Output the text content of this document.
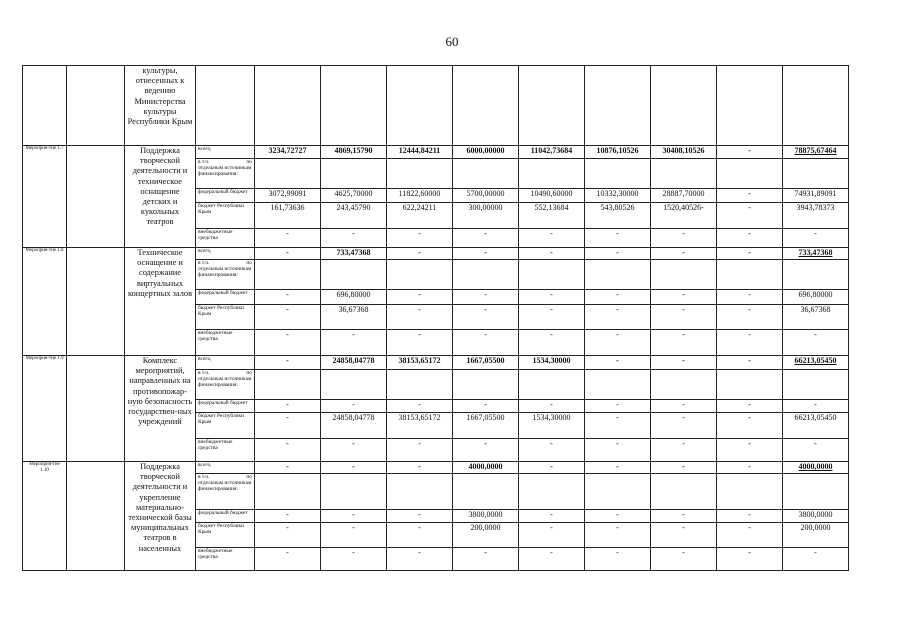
60
		культуры, отнесенных к ведению Министерства культуры Республики Крым										
Мероприя-тие 1.7		Поддержка творческой деятельности и техническое оснащение детских и кукольных театров	всего,	3234,72727	4869,15790	12444,84211	6000,00000	11042,73684	10876,10526	30408,10526	-	78875,67464

			в т.ч. по
отдельным источникам финансирования:									

			федеральный бюджет	3072,99091	4625,70000	11822,60000	5700,00000	10490,60000	10332,30000	28887,70000	-	74931,89091
			бюджет Республики Крым	161,73636	243,45790	622,24211	300,00000	552,13684	543,80526	1520,40526-	-	3943,78373
			внебюджетные средства	-	-	-	-	-	-	-	-	-
Мероприя-тие 1.8		Техническое оснащение и содержание виртуальных концертных залов	всего,	-	733,47368	-	-	-	-	-	-	733,47368

			в т.ч. по
отдельным источникам финансирования:									

			федеральный бюджет	-	696,80000	-	-	-	-	-	-	696,80000
			бюджет Республики Крым	-	36,67368	-	-	-	-	-	-	36,67368
			внебюджетные средства	-	-	-	-	-	-	-	-	-
Мероприя-тие 1.9		Комплекс мероприятий, направленных на противопожар-ную безопасность государствен-ных учреждений	всего,	-	24858,04778	38153,65172	1667,05500	1534,30000	-	-	-	66213,05450

			в т.ч. по
отдельным источникам финансирования:									

			федеральный бюджет	-	-	-	-	-	-	-	-	-
			бюджет Республики Крым	-	24858,04778	38153,65172	1667,05500	1534,30000	-	-	-	66213,05450
			внебюджетные средства	-	-	-	-	-	-	-	-	-
Мероприя-тие 1.10		Поддержка творческой деятельности и укрепление материально-технической базы муниципальных театров в населенных	всего,	-	-	-	4000,0000	-	-	-	-	4000,0000

			в т.ч. по
отдельным источникам финансирования:									

			федеральный бюджет	-	-	-	3800,0000	-	-	-	-	3800,0000
			бюджет Республики Крым	-	-	-	200,0000	-	-	-	-	200,0000
			внебюджетные средства	-	-	-	-	-	-	-	-	-
